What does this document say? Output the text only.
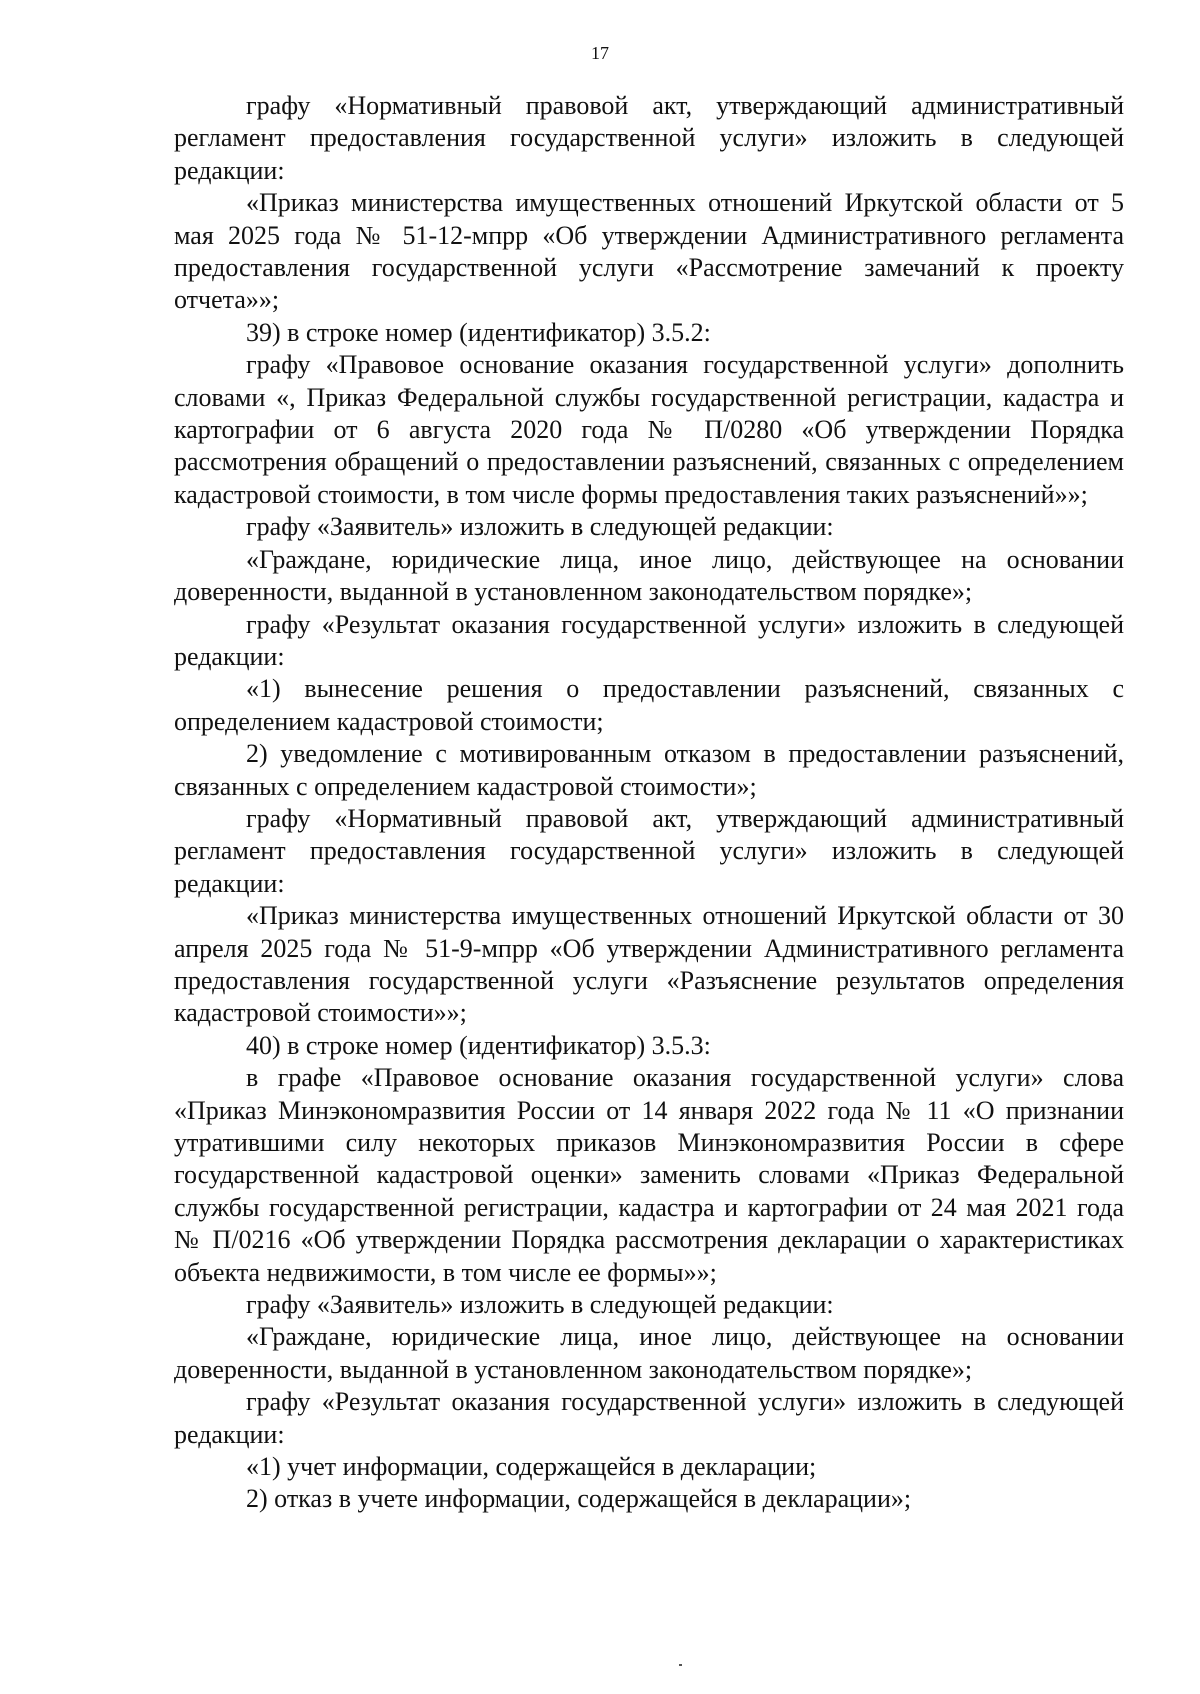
17

графу «Нормативный правовой акт, утверждающий административный регламент предоставления государственной услуги» изложить в следующей редакции:

«Приказ министерства имущественных отношений Иркутской области от 5 мая 2025 года № 51-12-мпрр «Об утверждении Административного регламента предоставления государственной услуги «Рассмотрение замечаний к проекту отчета»»;

39) в строке номер (идентификатор) 3.5.2:

графу «Правовое основание оказания государственной услуги» дополнить словами «, Приказ Федеральной службы государственной регистрации, кадастра и картографии от 6 августа 2020 года № П/0280 «Об утверждении Порядка рассмотрения обращений о предоставлении разъяснений, связанных с определением кадастровой стоимости, в том числе формы предоставления таких разъяснений»»;

графу «Заявитель» изложить в следующей редакции:

«Граждане, юридические лица, иное лицо, действующее на основании доверенности, выданной в установленном законодательством порядке»;

графу «Результат оказания государственной услуги» изложить в следующей редакции:

«1) вынесение решения о предоставлении разъяснений, связанных с определением кадастровой стоимости;

2) уведомление с мотивированным отказом в предоставлении разъяснений, связанных с определением кадастровой стоимости»;

графу «Нормативный правовой акт, утверждающий административный регламент предоставления государственной услуги» изложить в следующей редакции:

«Приказ министерства имущественных отношений Иркутской области от 30 апреля 2025 года № 51-9-мпрр «Об утверждении Административного регламента предоставления государственной услуги «Разъяснение результатов определения кадастровой стоимости»»;

40) в строке номер (идентификатор) 3.5.3:

в графе «Правовое основание оказания государственной услуги» слова «Приказ Минэкономразвития России от 14 января 2022 года № 11 «О признании утратившими силу некоторых приказов Минэкономразвития России в сфере государственной кадастровой оценки» заменить словами «Приказ Федеральной службы государственной регистрации, кадастра и картографии от 24 мая 2021 года № П/0216 «Об утверждении Порядка рассмотрения декларации о характеристиках объекта недвижимости, в том числе ее формы»»;

графу «Заявитель» изложить в следующей редакции:

«Граждане, юридические лица, иное лицо, действующее на основании доверенности, выданной в установленном законодательством порядке»;

графу «Результат оказания государственной услуги» изложить в следующей редакции:

«1) учет информации, содержащейся в декларации;

2) отказ в учете информации, содержащейся в декларации»;
